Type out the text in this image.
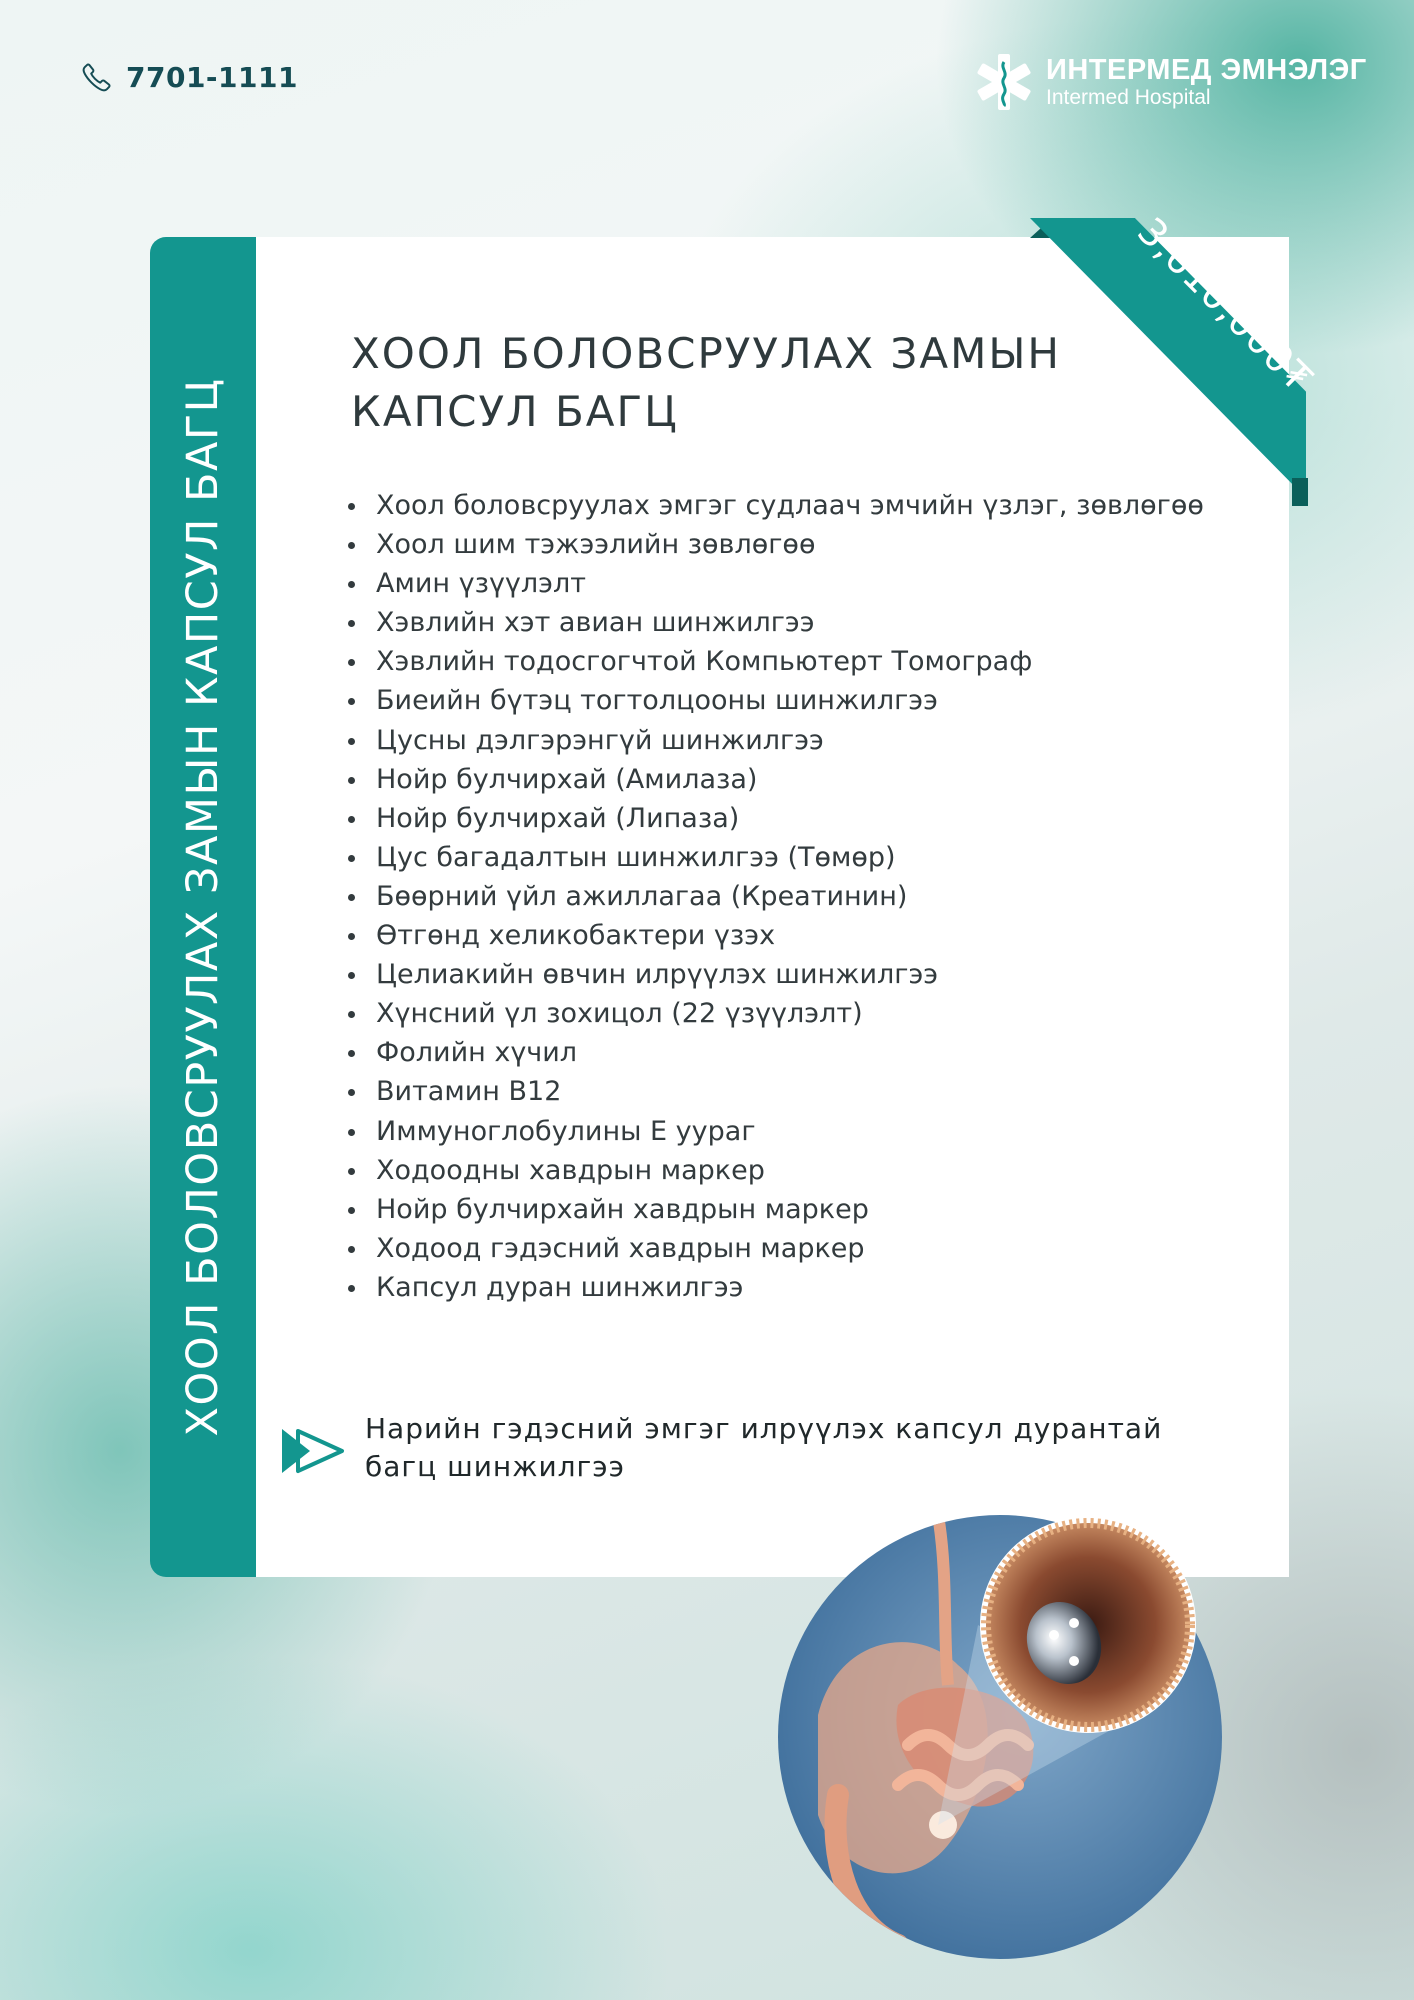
7701-1111	ИНТЕРМЕД ЭМНЭЛЭГ
Intermed Hospital
ХООЛ БОЛОВСРУУЛАХ ЗАМЫН КАПСУЛ БАГЦ
3,610,000₮
ХООЛ БОЛОВСРУУЛАХ ЗАМЫН
КАПСУЛ БАГЦ
Хоол боловсруулах эмгэг судлаач эмчийн үзлэг, зөвлөгөө
Хоол шим тэжээлийн зөвлөгөө
Амин үзүүлэлт
Хэвлийн хэт авиан шинжилгээ
Хэвлийн тодосгогчтой Компьютерт Томограф
Биеийн бүтэц тогтолцооны шинжилгээ
Цусны дэлгэрэнгүй шинжилгээ
Нойр булчирхай (Амилаза)
Нойр булчирхай (Липаза)
Цус багадалтын шинжилгээ (Төмөр)
Бөөрний үйл ажиллагаа (Креатинин)
Өтгөнд хеликобактери үзэх
Целиакийн өвчин илрүүлэх шинжилгээ
Хүнсний үл зохицол (22 үзүүлэлт)
Фолийн хүчил
Витамин B12
Иммуноглобулины E уураг
Ходоодны хавдрын маркер
Нойр булчирхайн хавдрын маркер
Ходоод гэдэсний хавдрын маркер
Капсул дуран шинжилгээ
Нарийн гэдэсний эмгэг илрүүлэх капсул дурантай
багц шинжилгээ
